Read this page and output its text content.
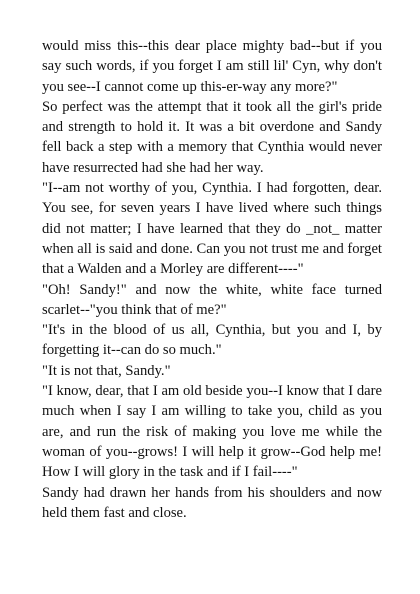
would miss this--this dear place mighty bad--but if you say such words, if you forget I am still lil' Cyn, why don't you see--I cannot come up this-er-way any more?"

So perfect was the attempt that it took all the girl's pride and strength to hold it. It was a bit overdone and Sandy fell back a step with a memory that Cynthia would never have resurrected had she had her way.

"I--am not worthy of you, Cynthia. I had forgotten, dear. You see, for seven years I have lived where such things did not matter; I have learned that they do _not_ matter when all is said and done. Can you not trust me and forget that a Walden and a Morley are different----"

"Oh! Sandy!" and now the white, white face turned scarlet--"you think that of me?"

"It's in the blood of us all, Cynthia, but you and I, by forgetting it--can do so much."

"It is not that, Sandy."

"I know, dear, that I am old beside you--I know that I dare much when I say I am willing to take you, child as you are, and run the risk of making you love me while the woman of you--grows! I will help it grow--God help me! How I will glory in the task and if I fail----"

Sandy had drawn her hands from his shoulders and now held them fast and close.
